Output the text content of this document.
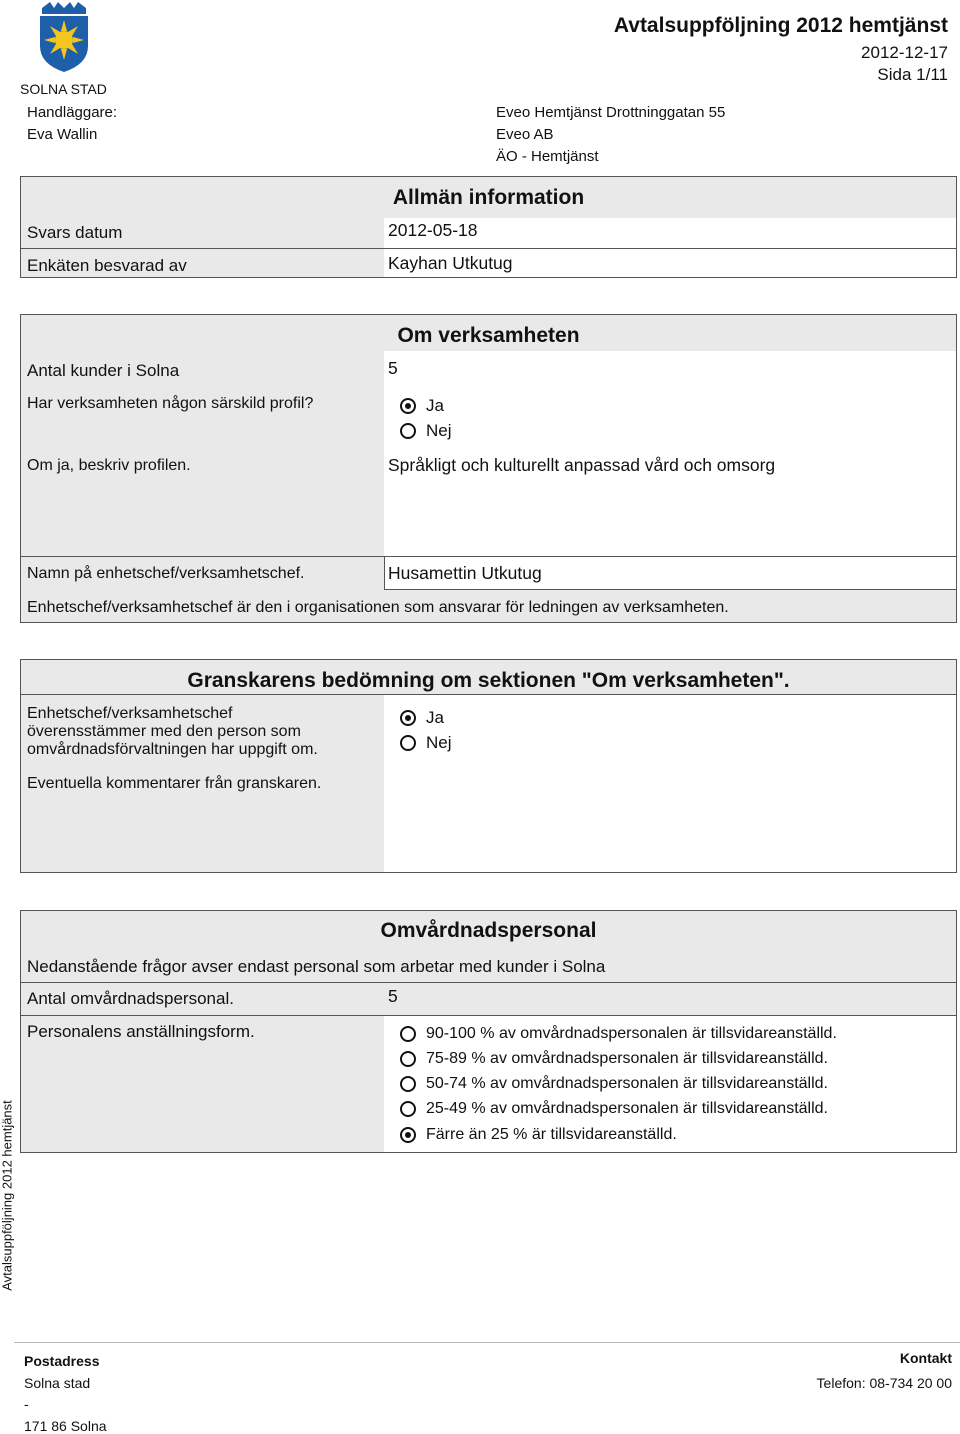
SOLNA STAD
Avtalsuppföljning 2012 hemtjänst
2012-12-17
Sida 1/11
Handläggare:
Eva Wallin
Eveo Hemtjänst Drottninggatan 55
Eveo AB
ÄO - Hemtjänst
Allmän information
Svars datum	2012-05-18
Enkäten besvarad av	Kayhan Utkutug
Om verksamheten
Antal kunder i Solna	5
Har verksamheten någon särskild profil?	Ja
Nej
Om ja, beskriv profilen.	Språkligt och kulturellt anpassad vård och omsorg
Namn på enhetschef/verksamhetschef.	Husamettin Utkutug
Enhetschef/verksamhetschef är den i organisationen som ansvarar för ledningen av verksamheten.
Granskarens bedömning om sektionen "Om verksamheten".
Enhetschef/verksamhetschef
överensstämmer med den person som
omvårdnadsförvaltningen har uppgift om.
Ja
Nej
Eventuella kommentarer från granskaren.
Omvårdnadspersonal
Nedanstående frågor avser endast personal som arbetar med kunder i Solna
Antal omvårdnadspersonal.	5
Personalens anställningsform.	90-100 % av omvårdnadspersonalen är tillsvidareanställd.
75-89 % av omvårdnadspersonalen är tillsvidareanställd.
50-74 % av omvårdnadspersonalen är tillsvidareanställd.
25-49 % av omvårdnadspersonalen är tillsvidareanställd.
Färre än 25 % är tillsvidareanställd.
Avtalsuppföljning 2012 hemtjänst
Postadress
Solna stad
-
171 86 Solna
Kontakt
Telefon: 08-734 20 00
